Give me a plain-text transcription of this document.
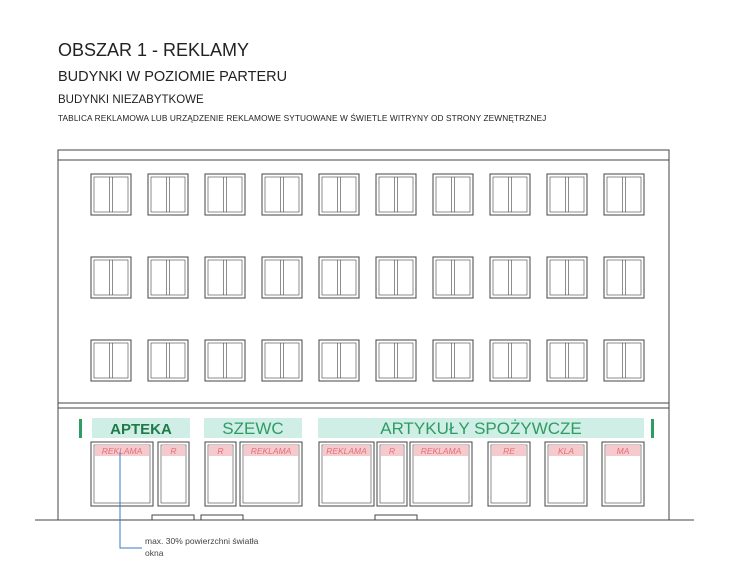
OBSZAR 1 - REKLAMY
BUDYNKI W POZIOMIE PARTERU
BUDYNKI NIEZABYTKOWE
TABLICA REKLAMOWA LUB URZĄDZENIE REKLAMOWE SYTUOWANE W ŚWIETLE WITRYNY OD STRONY ZEWNĘTRZNEJ
APTEKA	SZEWC	ARTYKUŁY SPOŻYWCZE
REKLAMA	R	R	REKLAMA	REKLAMA	R	REKLAMA	RE	KLA	MA
max. 30% powierzchni światła
okna
